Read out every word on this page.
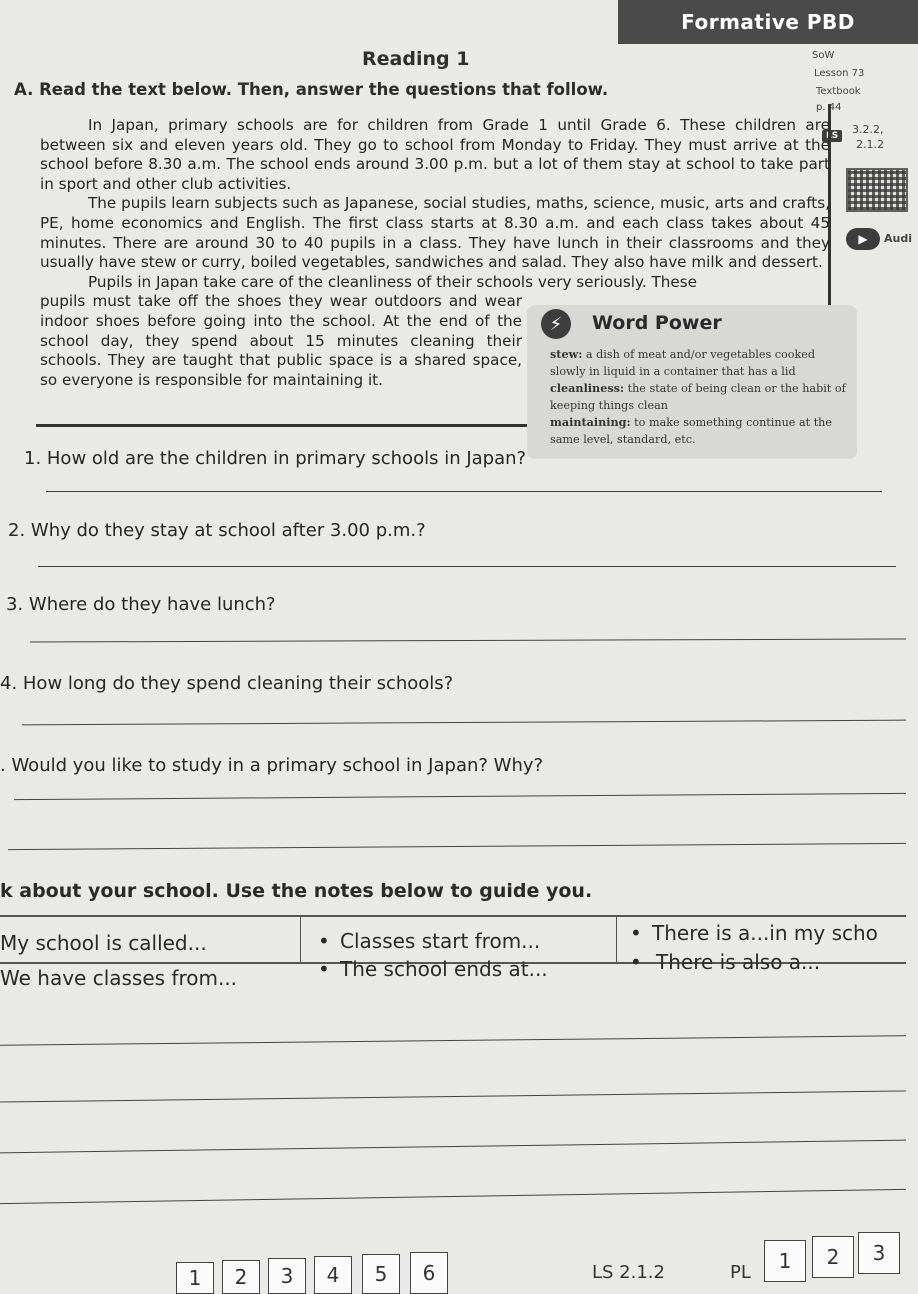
Formative PBD
Reading 1
A. Read the text below. Then, answer the questions that follow.
SoW
Lesson 73
Textbook
p. 44
LS	3.2.2,
2.1.2
▶	Audi

In Japan, primary schools are for children from Grade 1 until Grade 6. These children are between six and eleven years old. They go to school from Monday to Friday. They must arrive at the school before 8.30 a.m. The school ends around 3.00 p.m. but a lot of them stay at school to take part in sport and other club activities.

The pupils learn subjects such as Japanese, social studies, maths, science, music, arts and crafts, PE, home economics and English. The first class starts at 8.30 a.m. and each class takes about 45 minutes. There are around 30 to 40 pupils in a class. They have lunch in their classrooms and they usually have stew or curry, boiled vegetables, sandwiches and salad. They also have milk and dessert.

Pupils in Japan take care of the cleanliness of their schools very seriously. These

pupils must take off the shoes they wear outdoors and wear indoor shoes before going into the school. At the end of the school day, they spend about 15 minutes cleaning their schools. They are taught that public space is a shared space, so everyone is responsible for maintaining it.

⚡	Word Power
stew: a dish of meat and/or vegetables cooked slowly in liquid in a container that has a lid
cleanliness: the state of being clean or the habit of keeping things clean
maintaining: to make something continue at the same level, standard, etc.
1. How old are the children in primary schools in Japan?
2. Why do they stay at school after 3.00 p.m.?
3. Where do they have lunch?
4. How long do they spend cleaning their schools?
. Would you like to study in a primary school in Japan? Why?
k about your school. Use the notes below to guide you.
My school is called...
We have classes from...
• Classes start from...
• The school ends at...
• There is a...in my scho
• There is also a...
1 2 3 4 5 6	LS 2.1.2	PL 1 2 3
